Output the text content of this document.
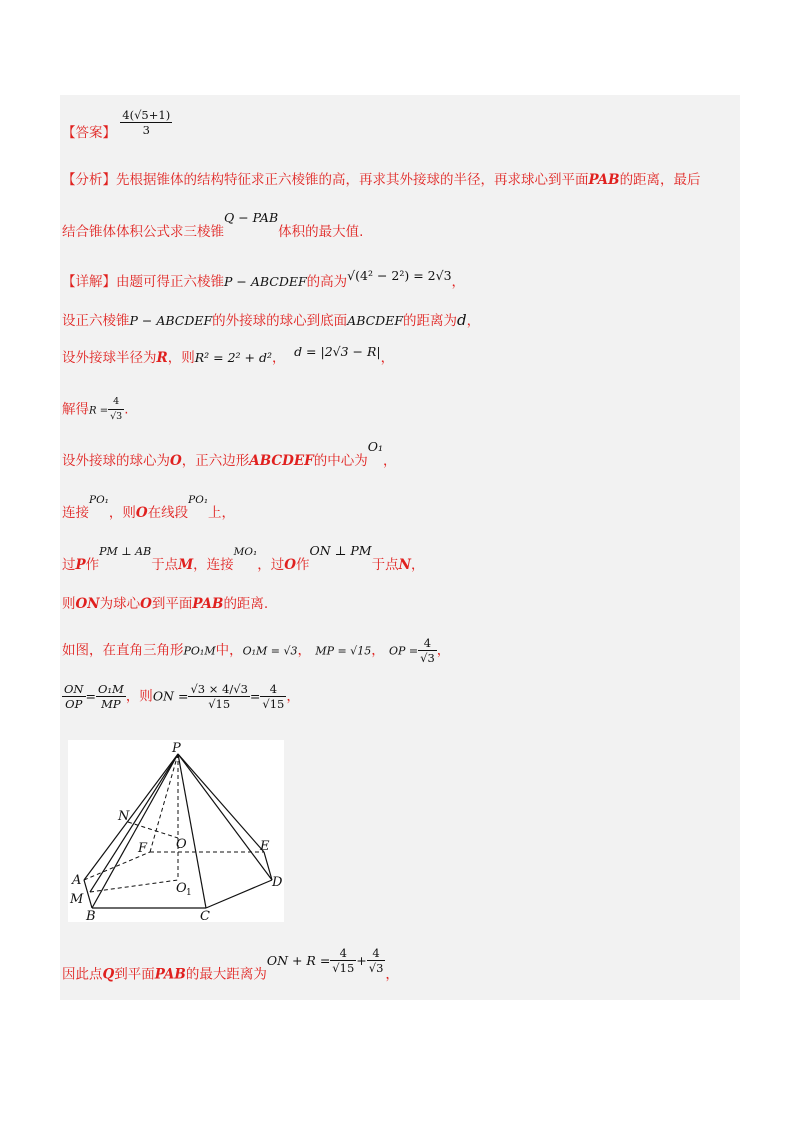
【答案】 $\frac{4(√5+1)}{3}$
【分析】先根据锥体的结构特征求正六棱锥的高，再求其外接球的半径，再求球心到平面PAB的距离，最后
结合锥体体积公式求三棱锥Q − PAB体积的最大值.
【详解】由题可得正六棱锥P − ABCDEF的高为√(4² − 2²) = 2√3，
设正六棱锥P − ABCDEF的外接球的球心到底面ABCDEF的距离为d，
设外接球半径为R，则R² = 2² + d²， d = |2√3 − R|，
解得$R = \frac{4}{√3}$ .
设外接球的球心为O，正六边形ABCDEF的中心为O₁，
连接$^{PO_1}$，则O在线段$^{PO_1}$上，
过P作$^{PM \perp AB}$于点M，连接$^{MO_1}$，过O作ON ⊥ PM于点N，
则ON为球心O到平面PAB的距离.
如图，在直角三角形PO₁M中，O₁M = √3， MP = √15， OP = $\frac{4}{√3}$ ，
$\frac{ON}{OP} = \frac{\text{O₁M}}{MP}$ ，则ON = $\frac{√3 \times 4/√3}{√15} = \frac{4}{√15}$ ，
P
N
O
F	E
A
M
O 1
B	C
D
因此点Q到平面PAB的最大距离为ON + $R = \frac{4}{√15} + \frac{4}{√3}$ ，
